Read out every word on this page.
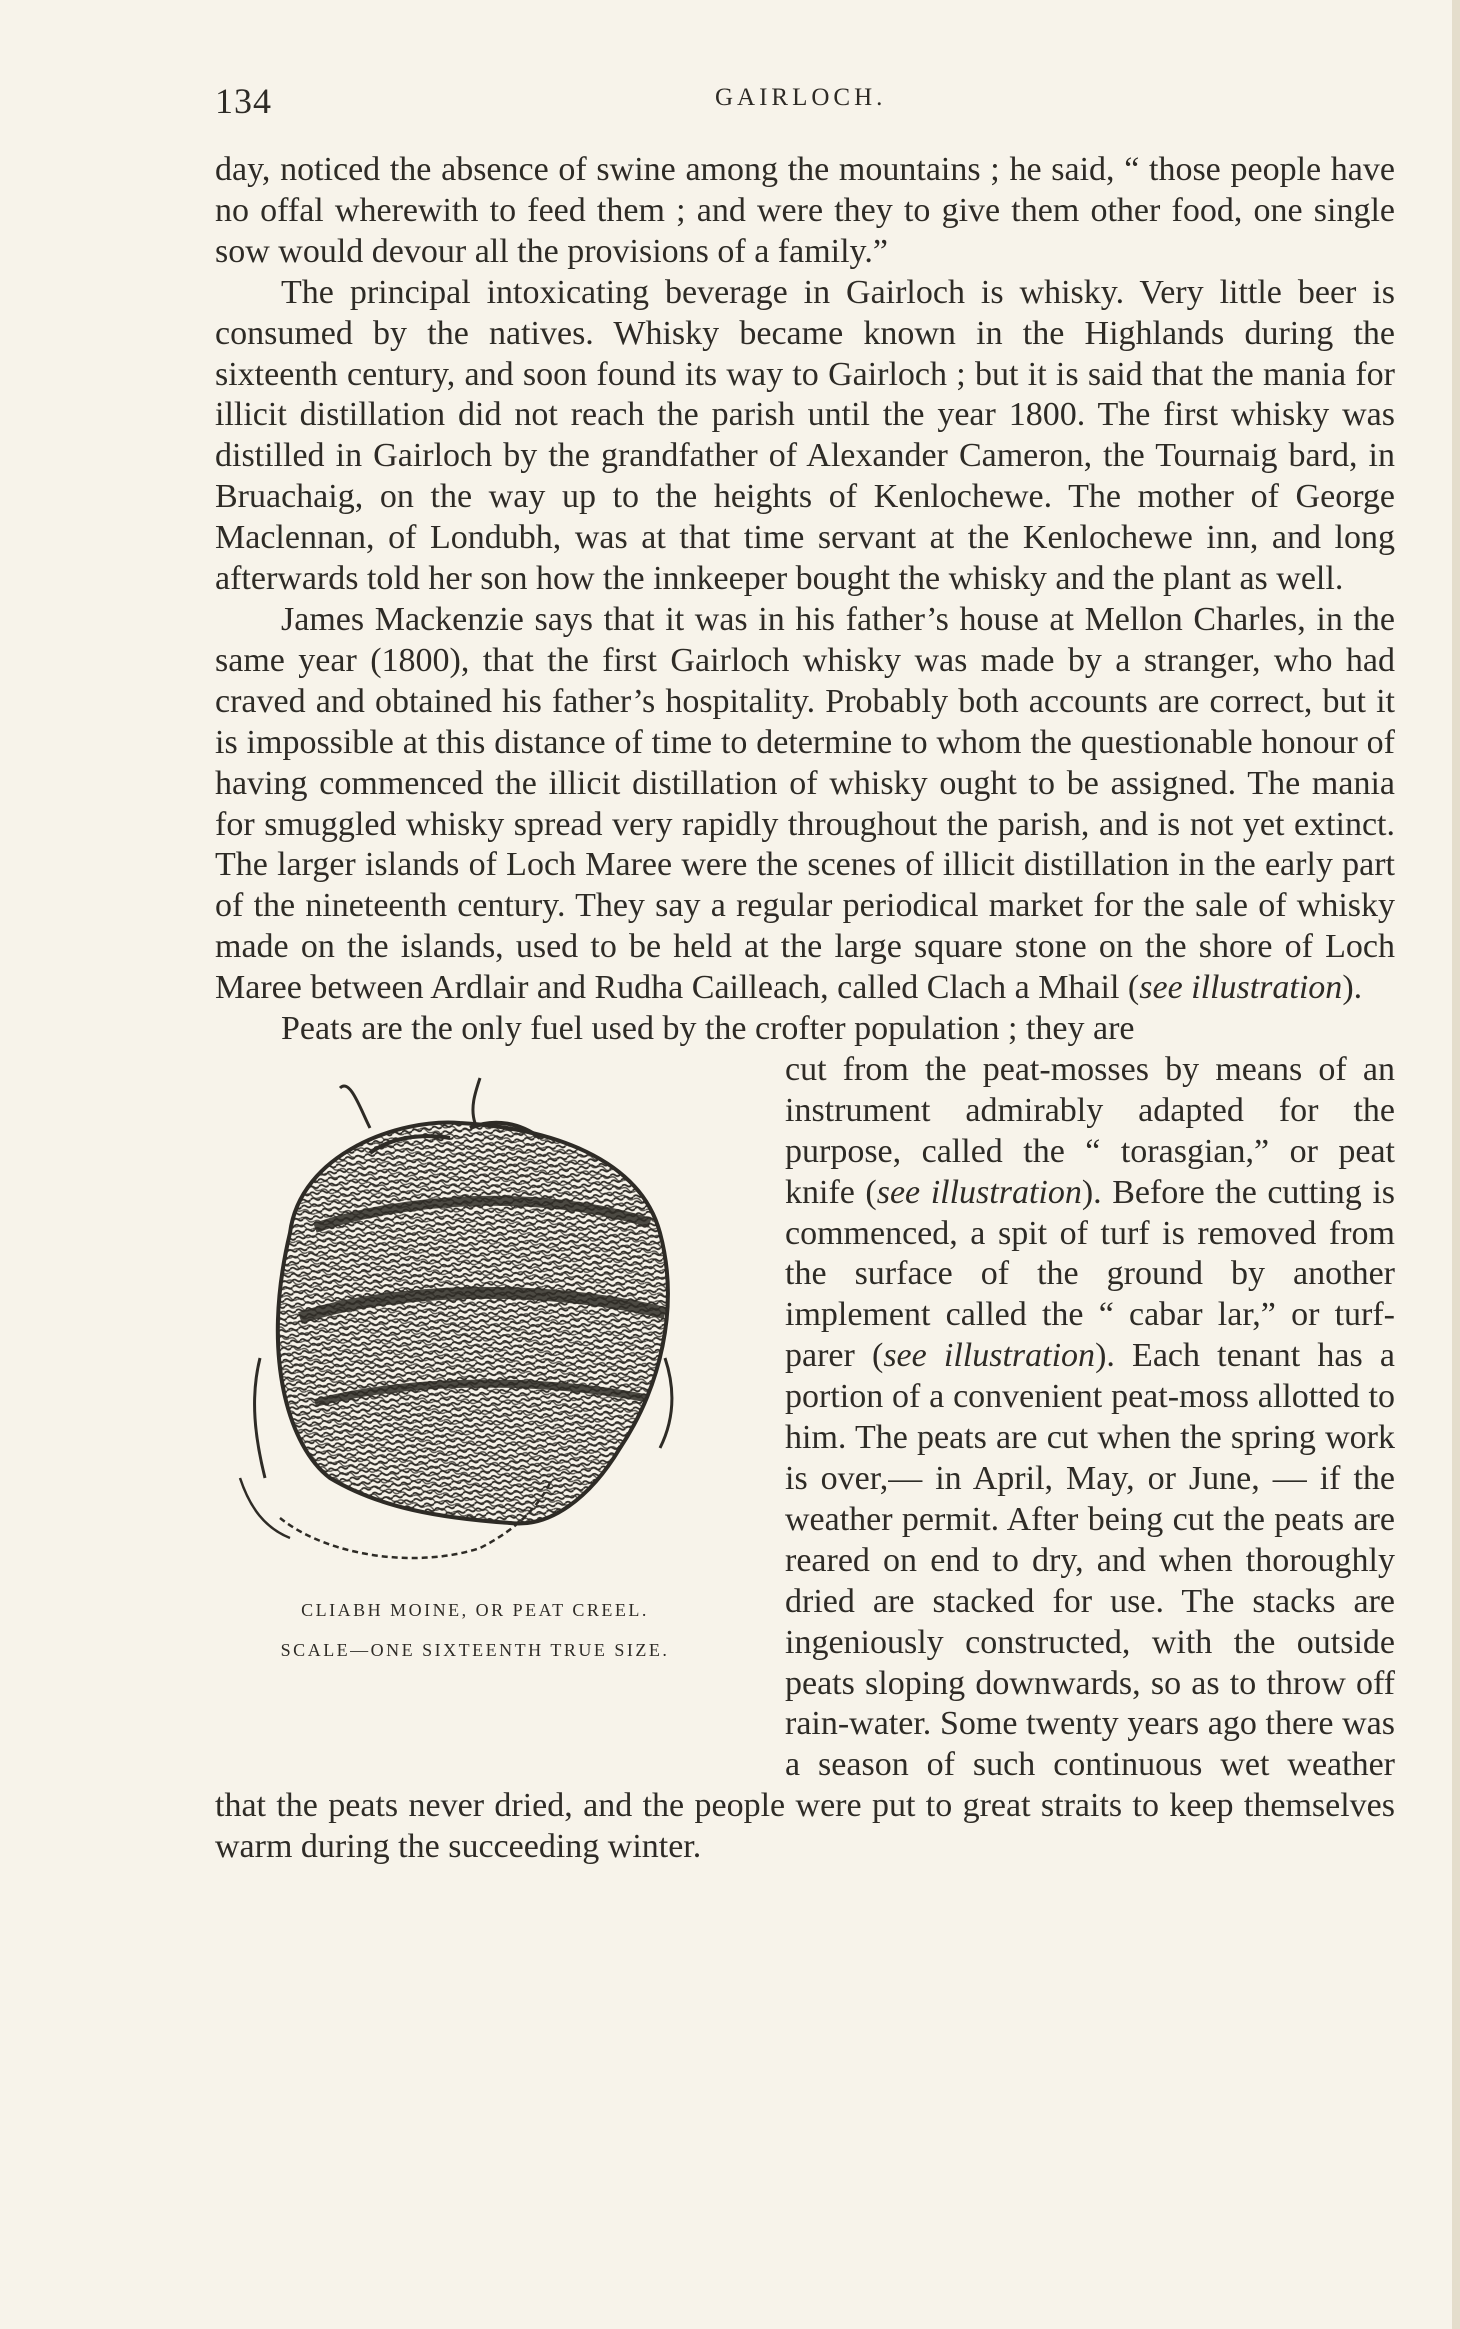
134	GAIRLOCH.

day, noticed the absence of swine among the mountains ; he said, “ those people have no offal wherewith to feed them ; and were they to give them other food, one single sow would devour all the provisions of a family.”

The principal intoxicating beverage in Gairloch is whisky. Very little beer is consumed by the natives. Whisky became known in the Highlands during the sixteenth century, and soon found its way to Gairloch ; but it is said that the mania for illicit distillation did not reach the parish until the year 1800. The first whisky was distilled in Gairloch by the grandfather of Alexander Cameron, the Tournaig bard, in Bruachaig, on the way up to the heights of Kenlochewe. The mother of George Maclennan, of Londubh, was at that time servant at the Kenlochewe inn, and long afterwards told her son how the innkeeper bought the whisky and the plant as well.

James Mackenzie says that it was in his father’s house at Mellon Charles, in the same year (1800), that the first Gairloch whisky was made by a stranger, who had craved and obtained his father’s hospitality. Probably both accounts are correct, but it is impossible at this distance of time to determine to whom the questionable honour of having commenced the illicit distillation of whisky ought to be assigned. The mania for smuggled whisky spread very rapidly throughout the parish, and is not yet extinct. The larger islands of Loch Maree were the scenes of illicit distillation in the early part of the nineteenth century. They say a regular periodical market for the sale of whisky made on the islands, used to be held at the large square stone on the shore of Loch Maree between Ardlair and Rudha Cailleach, called Clach a Mhail (see illustration).

Peats are the only fuel used by the crofter population ; they are

CLIABH MOINE, OR PEAT CREEL.
SCALE—ONE SIXTEENTH TRUE SIZE.

cut from the peat-mosses by means of an instrument admirably adapted for the purpose, called the “ torasgian,” or peat knife (see illustration). Before the cutting is commenced, a spit of turf is removed from the surface of the ground by another implement called the “ cabar lar,” or turf-parer (see illustration). Each tenant has a portion of a convenient peat-moss allotted to him. The peats are cut when the spring work is over,— in April, May, or June, — if the weather permit. After being cut the peats are reared on end to dry, and when thoroughly dried are stacked for use. The stacks are ingeniously constructed, with the outside peats sloping downwards, so as to throw off rain-water. Some twenty years ago there was a season of such continuous wet weather that the peats never dried, and the people were put to great straits to keep themselves warm during the succeeding winter.
